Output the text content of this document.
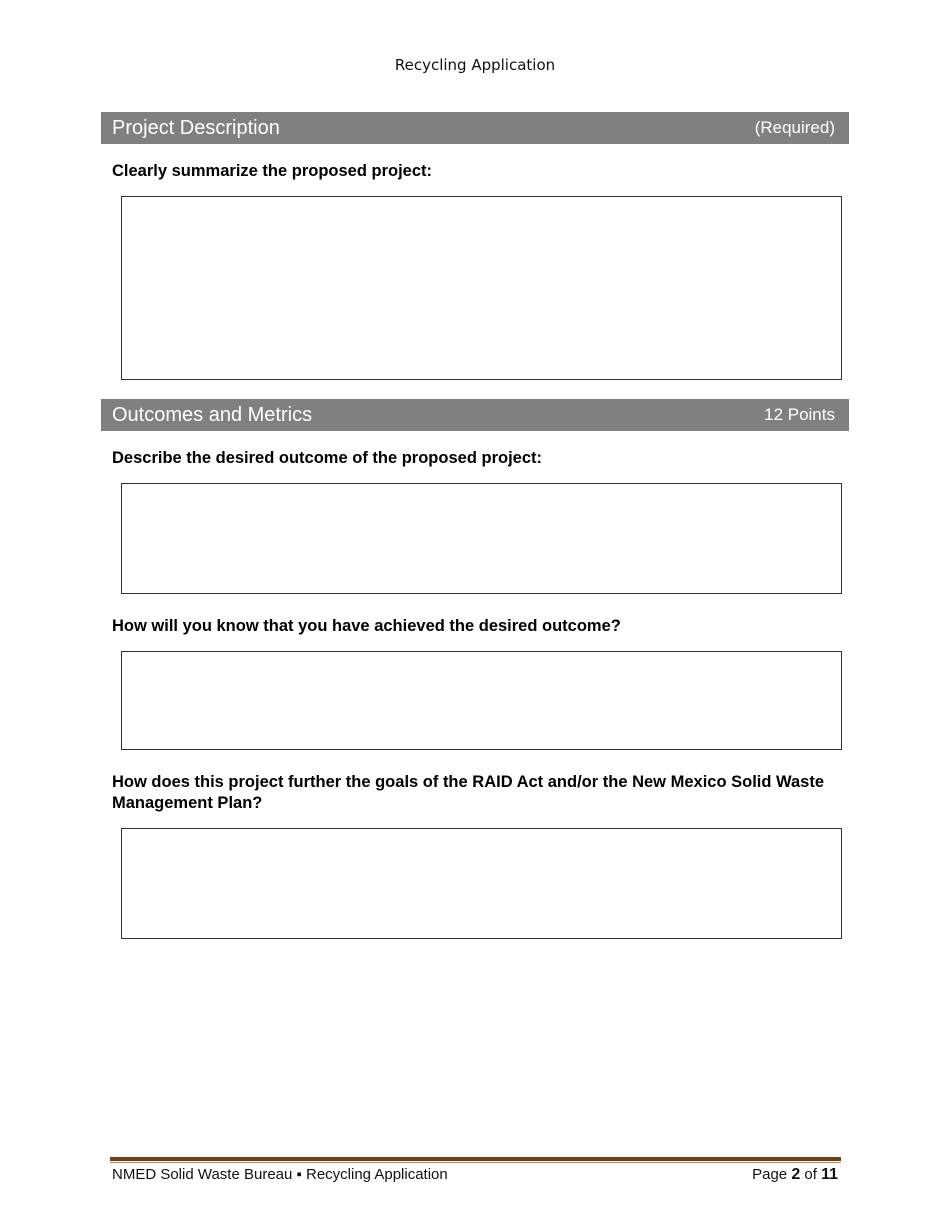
Recycling Application
Project Description	(Required)
Clearly summarize the proposed project:
Outcomes and Metrics	12 Points
Describe the desired outcome of the proposed project:
How will you know that you have achieved the desired outcome?
How does this project further the goals of the RAID Act and/or the New Mexico Solid Waste Management Plan?
NMED Solid Waste Bureau ▪ Recycling Application	Page 2 of 11
